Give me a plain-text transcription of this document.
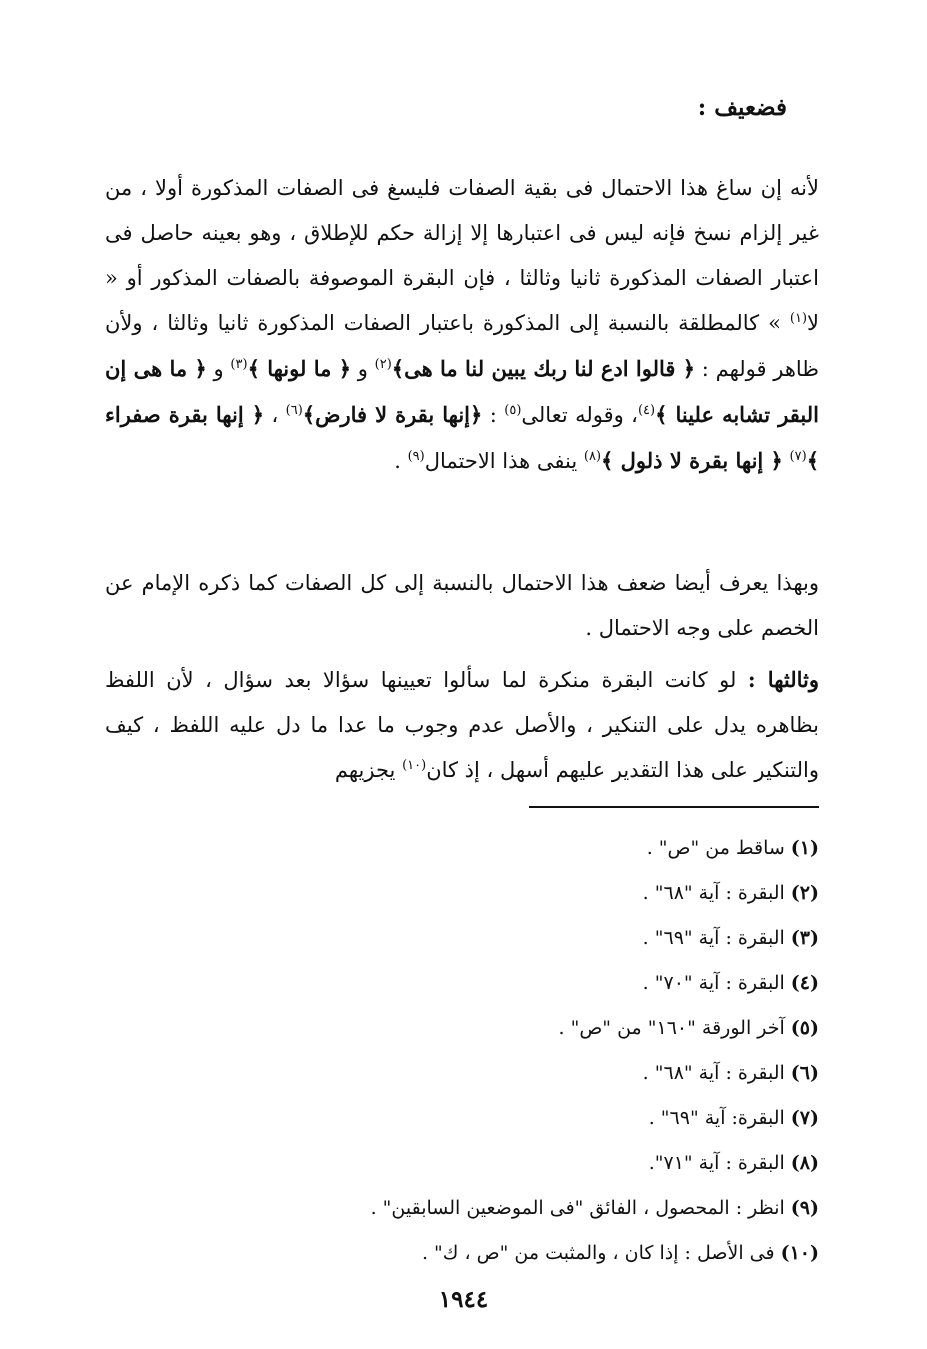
فضعيف :

لأنه إن ساغ هذا الاحتمال فى بقية الصفات فليسغ فى الصفات المذكورة أولا ، من غير إلزام نسخ فإنه ليس فى اعتبارها إلا إزالة حكم للإطلاق ، وهو بعينه حاصل فى اعتبار الصفات المذكورة ثانيا وثالثا ، فإن البقرة الموصوفة بالصفات المذكور أو « لا$^{(١)}$ » كالمطلقة بالنسبة إلى المذكورة باعتبار الصفات المذكورة ثانيا وثالثا ، ولأن ظاهر قولهم : ﴿ قالوا ادع لنا ربك يبين لنا ما هى﴾$^{(٢)}$ و ﴿ ما لونها ﴾$^{(٣)}$ و ﴿ ما هى إن البقر تشابه علينا ﴾$^{(٤)}$، وقوله تعالى$^{(٥)}$ : ﴿إنها بقرة لا فارض﴾$^{(٦)}$ ، ﴿ إنها بقرة صفراء ﴾$^{(٧)}$ ﴿ إنها بقرة لا ذلول ﴾$^{(٨)}$ ينفى هذا الاحتمال$^{(٩)}$ .

وبهذا يعرف أيضا ضعف هذا الاحتمال بالنسبة إلى كل الصفات كما ذكره الإمام عن الخصم على وجه الاحتمال .

وثالثها : لو كانت البقرة منكرة لما سألوا تعيينها سؤالا بعد سؤال ، لأن اللفظ بظاهره يدل على التنكير ، والأصل عدم وجوب ما عدا ما دل عليه اللفظ ، كيف والتنكير على هذا التقدير عليهم أسهل ، إذ كان$^{(١٠)}$ يجزيهم

(١)ساقط من "ص" .
(٢)البقرة : آية "٦٨" .
(٣)البقرة : آية "٦٩" .
(٤)البقرة : آية "٧٠" .
(٥)آخر الورقة "١٦٠" من "ص" .
(٦)البقرة : آية "٦٨" .
(٧)البقرة: آية "٦٩" .
(٨)البقرة : آية "٧١".
(٩)انظر : المحصول ، الفائق "فى الموضعين السابقين" .
(١٠)فى الأصل : إذا كان ، والمثبت من "ص ، ك" .
١٩٤٤
